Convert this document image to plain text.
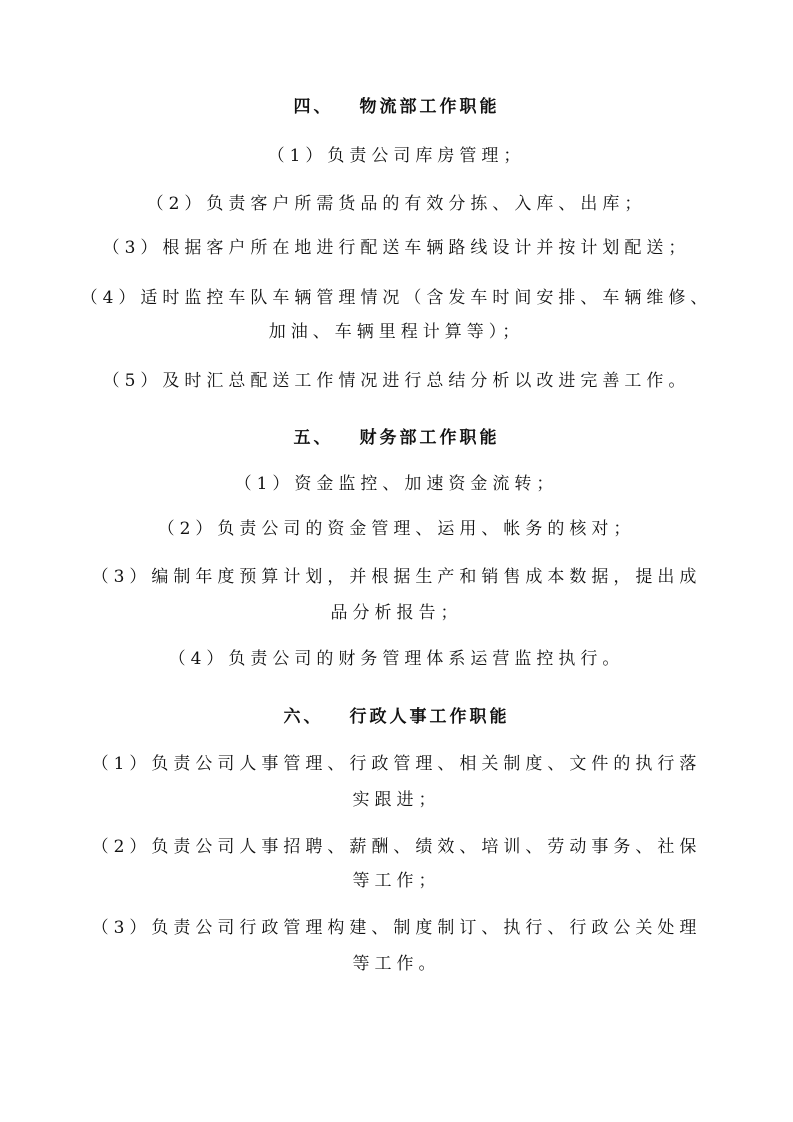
四、 物流部工作职能
（1）负责公司库房管理；
（2）负责客户所需货品的有效分拣、入库、出库；
（3）根据客户所在地进行配送车辆路线设计并按计划配送；
（4）适时监控车队车辆管理情况（含发车时间安排、车辆维修、
加油、车辆里程计算等）；
（5）及时汇总配送工作情况进行总结分析以改进完善工作。
五、 财务部工作职能
（1）资金监控、加速资金流转；
（2）负责公司的资金管理、运用、帐务的核对；
（3）编制年度预算计划，并根据生产和销售成本数据，提出成
品分析报告；
（4）负责公司的财务管理体系运营监控执行。
六、 行政人事工作职能
（1）负责公司人事管理、行政管理、相关制度、文件的执行落
实跟进；
（2）负责公司人事招聘、薪酬、绩效、培训、劳动事务、社保
等工作；
（3）负责公司行政管理构建、制度制订、执行、行政公关处理
等工作。
